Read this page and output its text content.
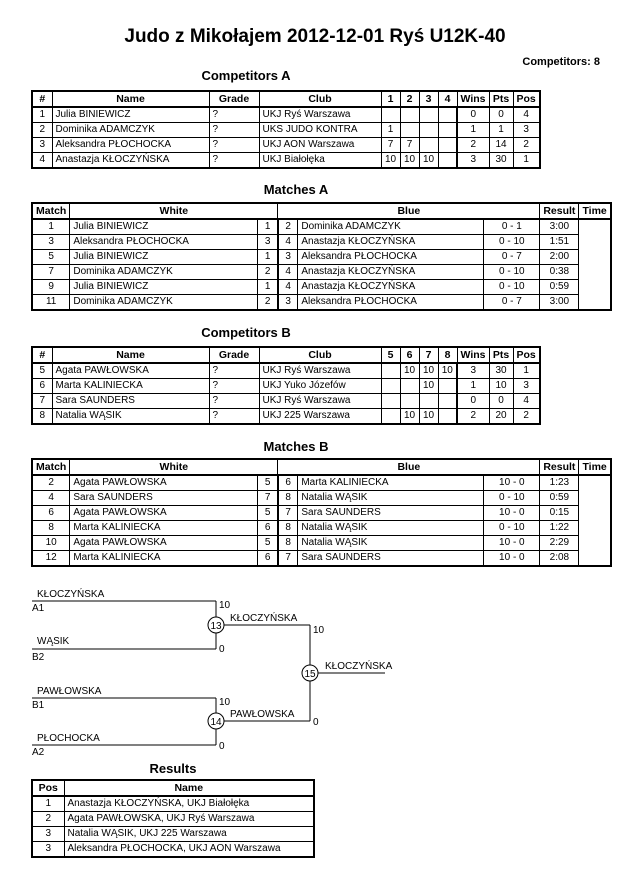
Judo z Mikołajem 2012-12-01 Ryś U12K-40
Competitors: 8
Competitors A
#	Name	Grade	Club	1	2	3	4	Wins	Pts	Pos
1	Julia BINIEWICZ	?	UKJ Ryś Warszawa					0	0	4
2	Dominika ADAMCZYK	?	UKS JUDO KONTRA	1				1	1	3
3	Aleksandra PŁOCHOCKA	?	UKJ AON Warszawa	7	7			2	14	2
4	Anastazja KŁOCZYŃSKA	?	UKJ Białołęka	10	10	10		3	30	1
Matches A
Match	White		Blue			Result	Time
1	Julia BINIEWICZ	1	2	Dominika ADAMCZYK	0 - 1	3:00	
3	Aleksandra PŁOCHOCKA	3	4	Anastazja KŁOCZYŃSKA	0 - 10	1:51	
5	Julia BINIEWICZ	1	3	Aleksandra PŁOCHOCKA	0 - 7	2:00	
7	Dominika ADAMCZYK	2	4	Anastazja KŁOCZYŃSKA	0 - 10	0:38	
9	Julia BINIEWICZ	1	4	Anastazja KŁOCZYŃSKA	0 - 10	0:59	
11	Dominika ADAMCZYK	2	3	Aleksandra PŁOCHOCKA	0 - 7	3:00	
Competitors B
#	Name	Grade	Club	5	6	7	8	Wins	Pts	Pos
5	Agata PAWŁOWSKA	?	UKJ Ryś Warszawa		10	10	10	3	30	1
6	Marta KALINIECKA	?	UKJ Yuko Józefów			10		1	10	3
7	Sara SAUNDERS	?	UKJ Ryś Warszawa					0	0	4
8	Natalia WĄSIK	?	UKJ 225 Warszawa		10	10		2	20	2
Matches B
Match	White		Blue			Result	Time
2	Agata PAWŁOWSKA	5	6	Marta KALINIECKA	10 - 0	1:23	
4	Sara SAUNDERS	7	8	Natalia WĄSIK	0 - 10	0:59	
6	Agata PAWŁOWSKA	5	7	Sara SAUNDERS	10 - 0	0:15	
8	Marta KALINIECKA	6	8	Natalia WĄSIK	0 - 10	1:22	
10	Agata PAWŁOWSKA	5	8	Natalia WĄSIK	10 - 0	2:29	
12	Marta KALINIECKA	6	7	Sara SAUNDERS	10 - 0	2:08	
KŁOCZYŃSKA
A1	10
WĄSIK
B2
0
13
KŁOCZYŃSKA
10
PAWŁOWSKA
B1	10
PŁOCHOCKA
A2
0
14
PAWŁOWSKA
0
15
KŁOCZYŃSKA
Results
Pos	Name
1	Anastazja KŁOCZYŃSKA, UKJ Białołęka
2	Agata PAWŁOWSKA, UKJ Ryś Warszawa
3	Natalia WĄSIK, UKJ 225 Warszawa
3	Aleksandra PŁOCHOCKA, UKJ AON Warszawa
